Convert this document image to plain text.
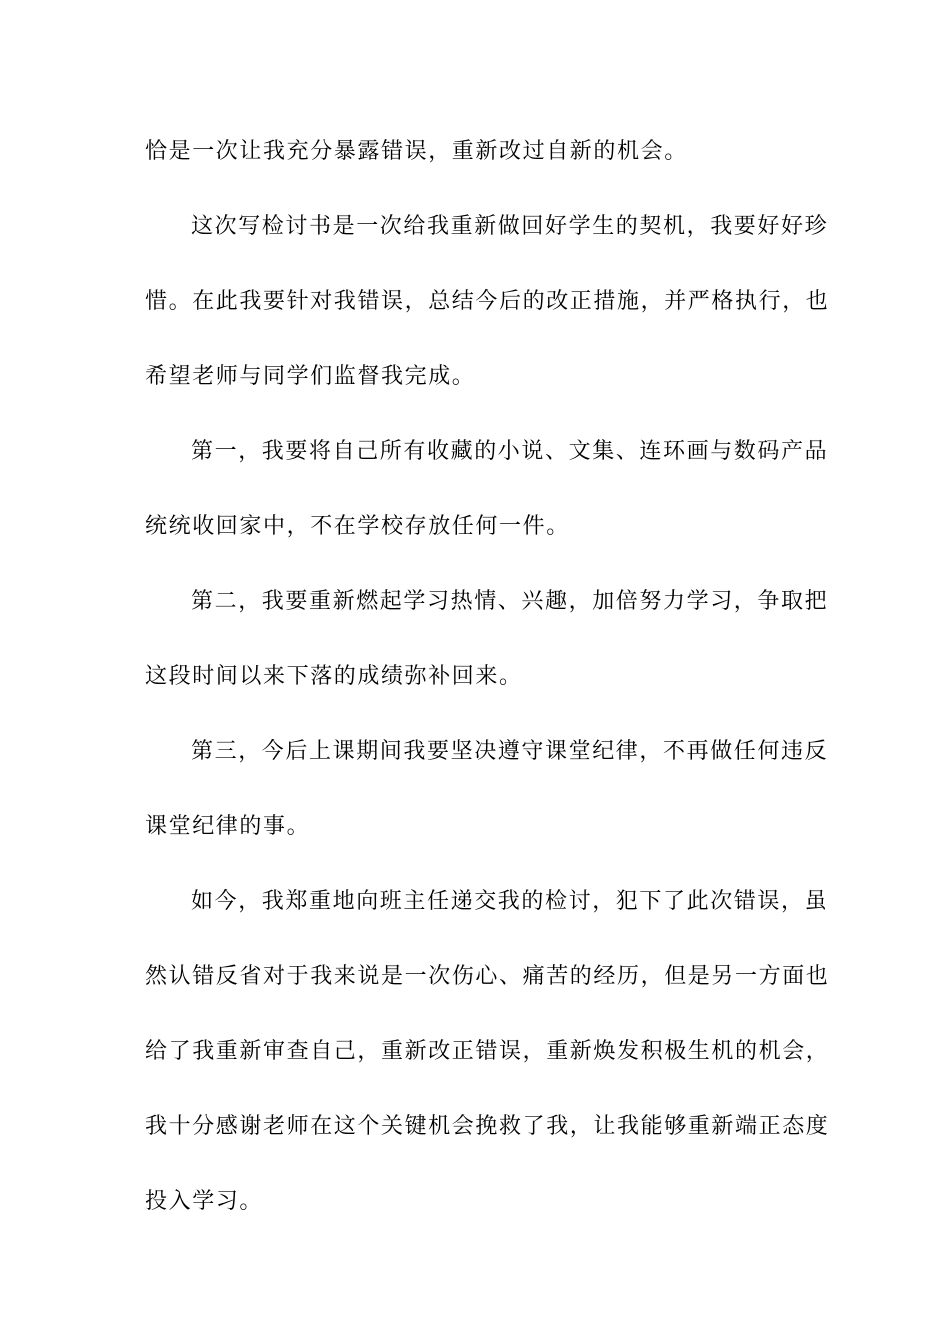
恰是一次让我充分暴露错误，重新改过自新的机会。
这次写检讨书是一次给我重新做回好学生的契机，我要好好珍
惜。在此我要针对我错误，总结今后的改正措施，并严格执行，也
希望老师与同学们监督我完成。
第一，我要将自己所有收藏的小说、文集、连环画与数码产品
统统收回家中，不在学校存放任何一件。
第二，我要重新燃起学习热情、兴趣，加倍努力学习，争取把
这段时间以来下落的成绩弥补回来。
第三，今后上课期间我要坚决遵守课堂纪律，不再做任何违反
课堂纪律的事。
如今，我郑重地向班主任递交我的检讨，犯下了此次错误，虽
然认错反省对于我来说是一次伤心、痛苦的经历，但是另一方面也
给了我重新审查自己，重新改正错误，重新焕发积极生机的机会，
我十分感谢老师在这个关键机会挽救了我，让我能够重新端正态度
投入学习。
